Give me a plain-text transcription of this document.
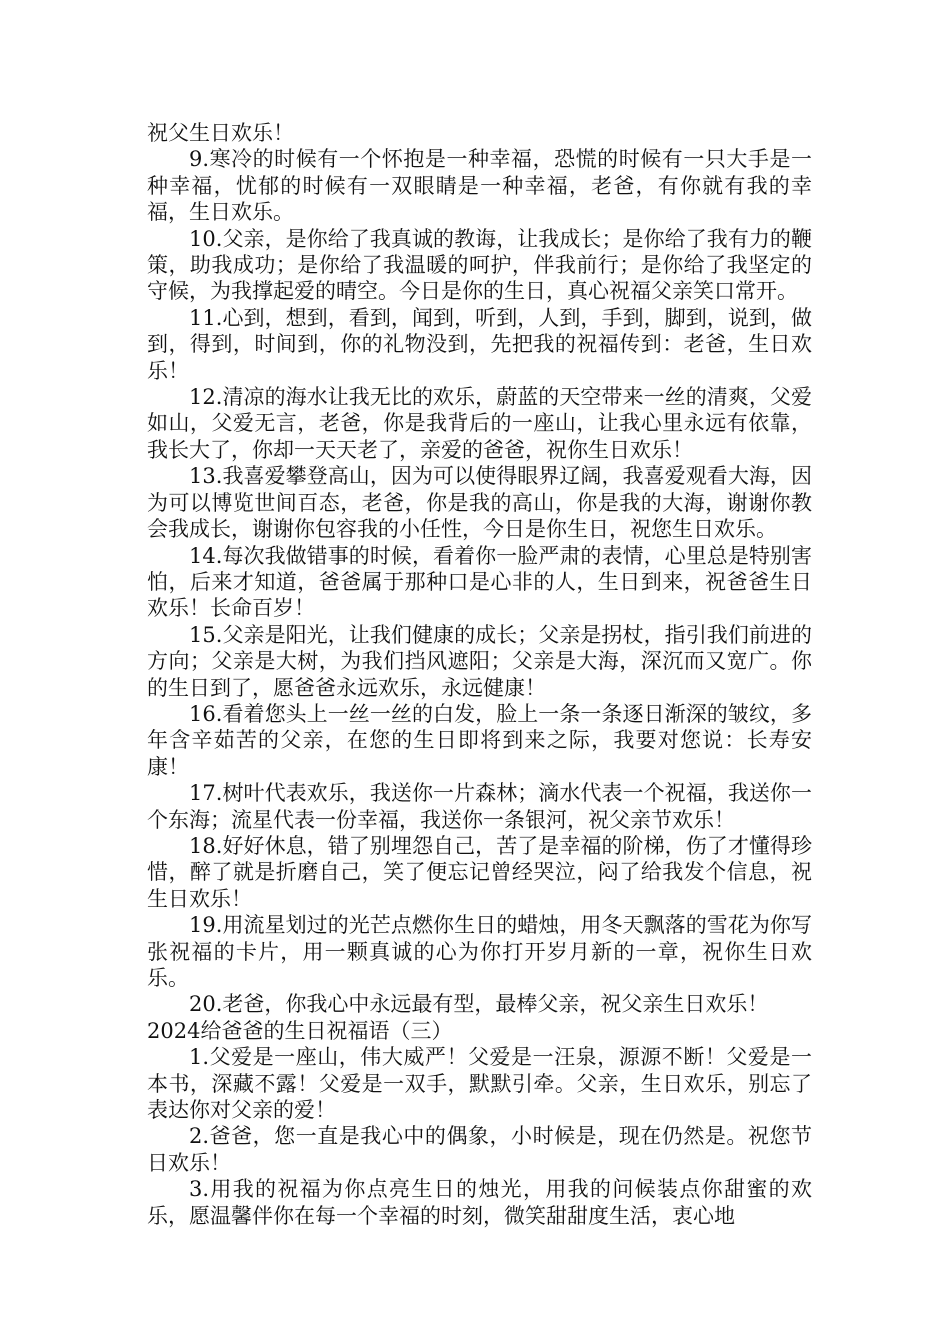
祝父生日欢乐！

9.寒冷的时候有一个怀抱是一种幸福，恐慌的时候有一只大手是一种幸福，忧郁的时候有一双眼睛是一种幸福，老爸，有你就有我的幸福，生日欢乐。

10.父亲，是你给了我真诚的教诲，让我成长；是你给了我有力的鞭策，助我成功；是你给了我温暖的呵护，伴我前行；是你给了我坚定的守候，为我撑起爱的晴空。今日是你的生日，真心祝福父亲笑口常开。

11.心到，想到，看到，闻到，听到，人到，手到，脚到，说到，做到，得到，时间到，你的礼物没到，先把我的祝福传到：老爸，生日欢乐！

12.清凉的海水让我无比的欢乐，蔚蓝的天空带来一丝的清爽，父爱如山，父爱无言，老爸，你是我背后的一座山，让我心里永远有依靠，我长大了，你却一天天老了，亲爱的爸爸，祝你生日欢乐！

13.我喜爱攀登高山，因为可以使得眼界辽阔，我喜爱观看大海，因为可以博览世间百态，老爸，你是我的高山，你是我的大海，谢谢你教会我成长，谢谢你包容我的小任性，今日是你生日，祝您生日欢乐。

14.每次我做错事的时候，看着你一脸严肃的表情，心里总是特别害怕，后来才知道，爸爸属于那种口是心非的人，生日到来，祝爸爸生日欢乐！长命百岁！

15.父亲是阳光，让我们健康的成长；父亲是拐杖，指引我们前进的方向；父亲是大树，为我们挡风遮阳；父亲是大海，深沉而又宽广。你的生日到了，愿爸爸永远欢乐，永远健康！

16.看着您头上一丝一丝的白发，脸上一条一条逐日渐深的皱纹，多年含辛茹苦的父亲，在您的生日即将到来之际，我要对您说：长寿安康！

17.树叶代表欢乐，我送你一片森林；滴水代表一个祝福，我送你一个东海；流星代表一份幸福，我送你一条银河，祝父亲节欢乐！

18.好好休息，错了别埋怨自己，苦了是幸福的阶梯，伤了才懂得珍惜，醉了就是折磨自己，笑了便忘记曾经哭泣，闷了给我发个信息，祝生日欢乐！

19.用流星划过的光芒点燃你生日的蜡烛，用冬天飘落的雪花为你写张祝福的卡片，用一颗真诚的心为你打开岁月新的一章，祝你生日欢乐。

20.老爸，你我心中永远最有型，最棒父亲，祝父亲生日欢乐！

2024给爸爸的生日祝福语（三）

1.父爱是一座山，伟大威严！父爱是一汪泉，源源不断！父爱是一本书，深藏不露！父爱是一双手，默默引牵。父亲，生日欢乐，别忘了表达你对父亲的爱！

2.爸爸，您一直是我心中的偶象，小时候是，现在仍然是。祝您节日欢乐！

3.用我的祝福为你点亮生日的烛光，用我的问候装点你甜蜜的欢乐，愿温馨伴你在每一个幸福的时刻，微笑甜甜度生活，衷心地
